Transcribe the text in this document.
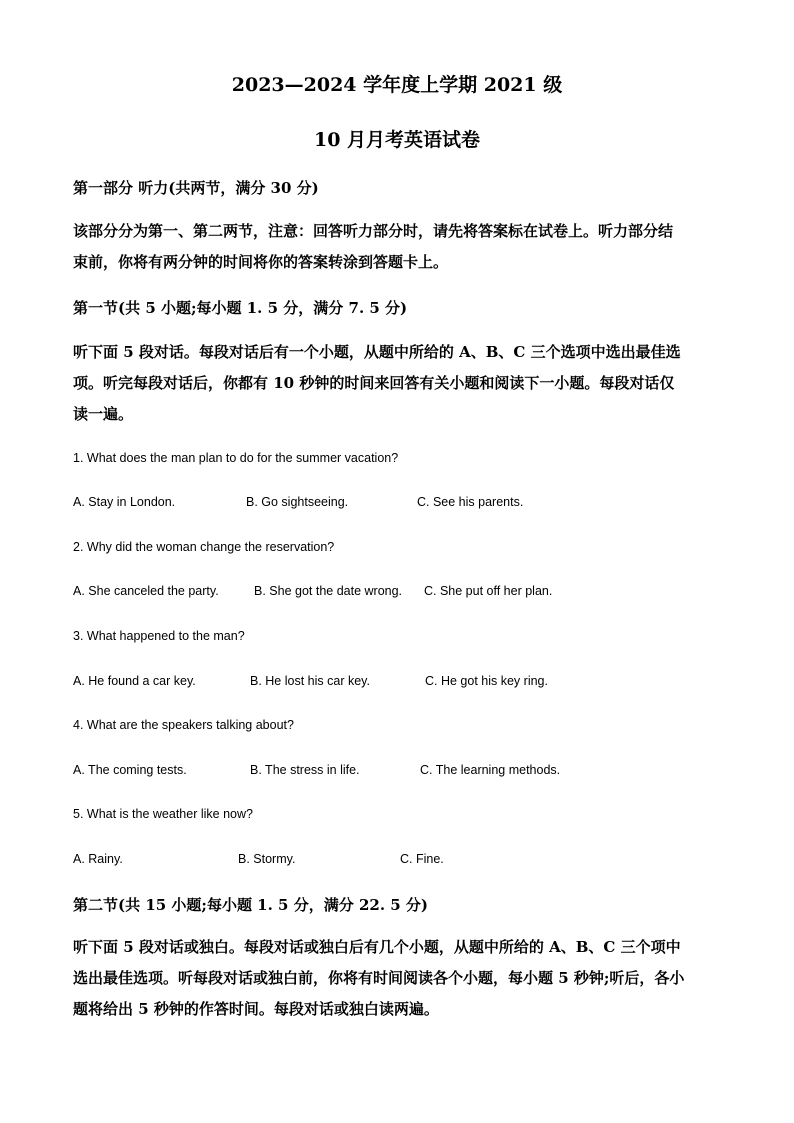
2023—2024 学年度上学期 2021 级
10 月月考英语试卷
第一部分 听力(共两节，满分 30 分)
该部分分为第一、第二两节，注意：回答听力部分时，请先将答案标在试卷上。听力部分结
束前，你将有两分钟的时间将你的答案转涂到答题卡上。
第一节(共 5 小题;每小题 1. 5 分，满分 7. 5 分)
听下面 5 段对话。每段对话后有一个小题，从题中所给的 A、B、C 三个选项中选出最佳选
项。听完每段对话后，你都有 10 秒钟的时间来回答有关小题和阅读下一小题。每段对话仅
读一遍。
1. What does the man plan to do for the summer vacation?
A. Stay in London.	B. Go sightseeing.	C. See his parents.
2. Why did the woman change the reservation?
A. She canceled the party.	B. She got the date wrong. C. She put off her plan.
3. What happened to the man?
A. He found a car key.	B. He lost his car key.	C. He got his key ring.
4. What are the speakers talking about?
A. The coming tests.	B. The stress in life.	C. The learning methods.
5. What is the weather like now?
A. Rainy.	B. Stormy.	C. Fine.
第二节(共 15 小题;每小题 1. 5 分，满分 22. 5 分)
听下面 5 段对话或独白。每段对话或独白后有几个小题，从题中所给的 A、B、C 三个项中
选出最佳选项。听每段对话或独白前，你将有时间阅读各个小题，每小题 5 秒钟;听后，各小
题将给出 5 秒钟的作答时间。每段对话或独白读两遍。
